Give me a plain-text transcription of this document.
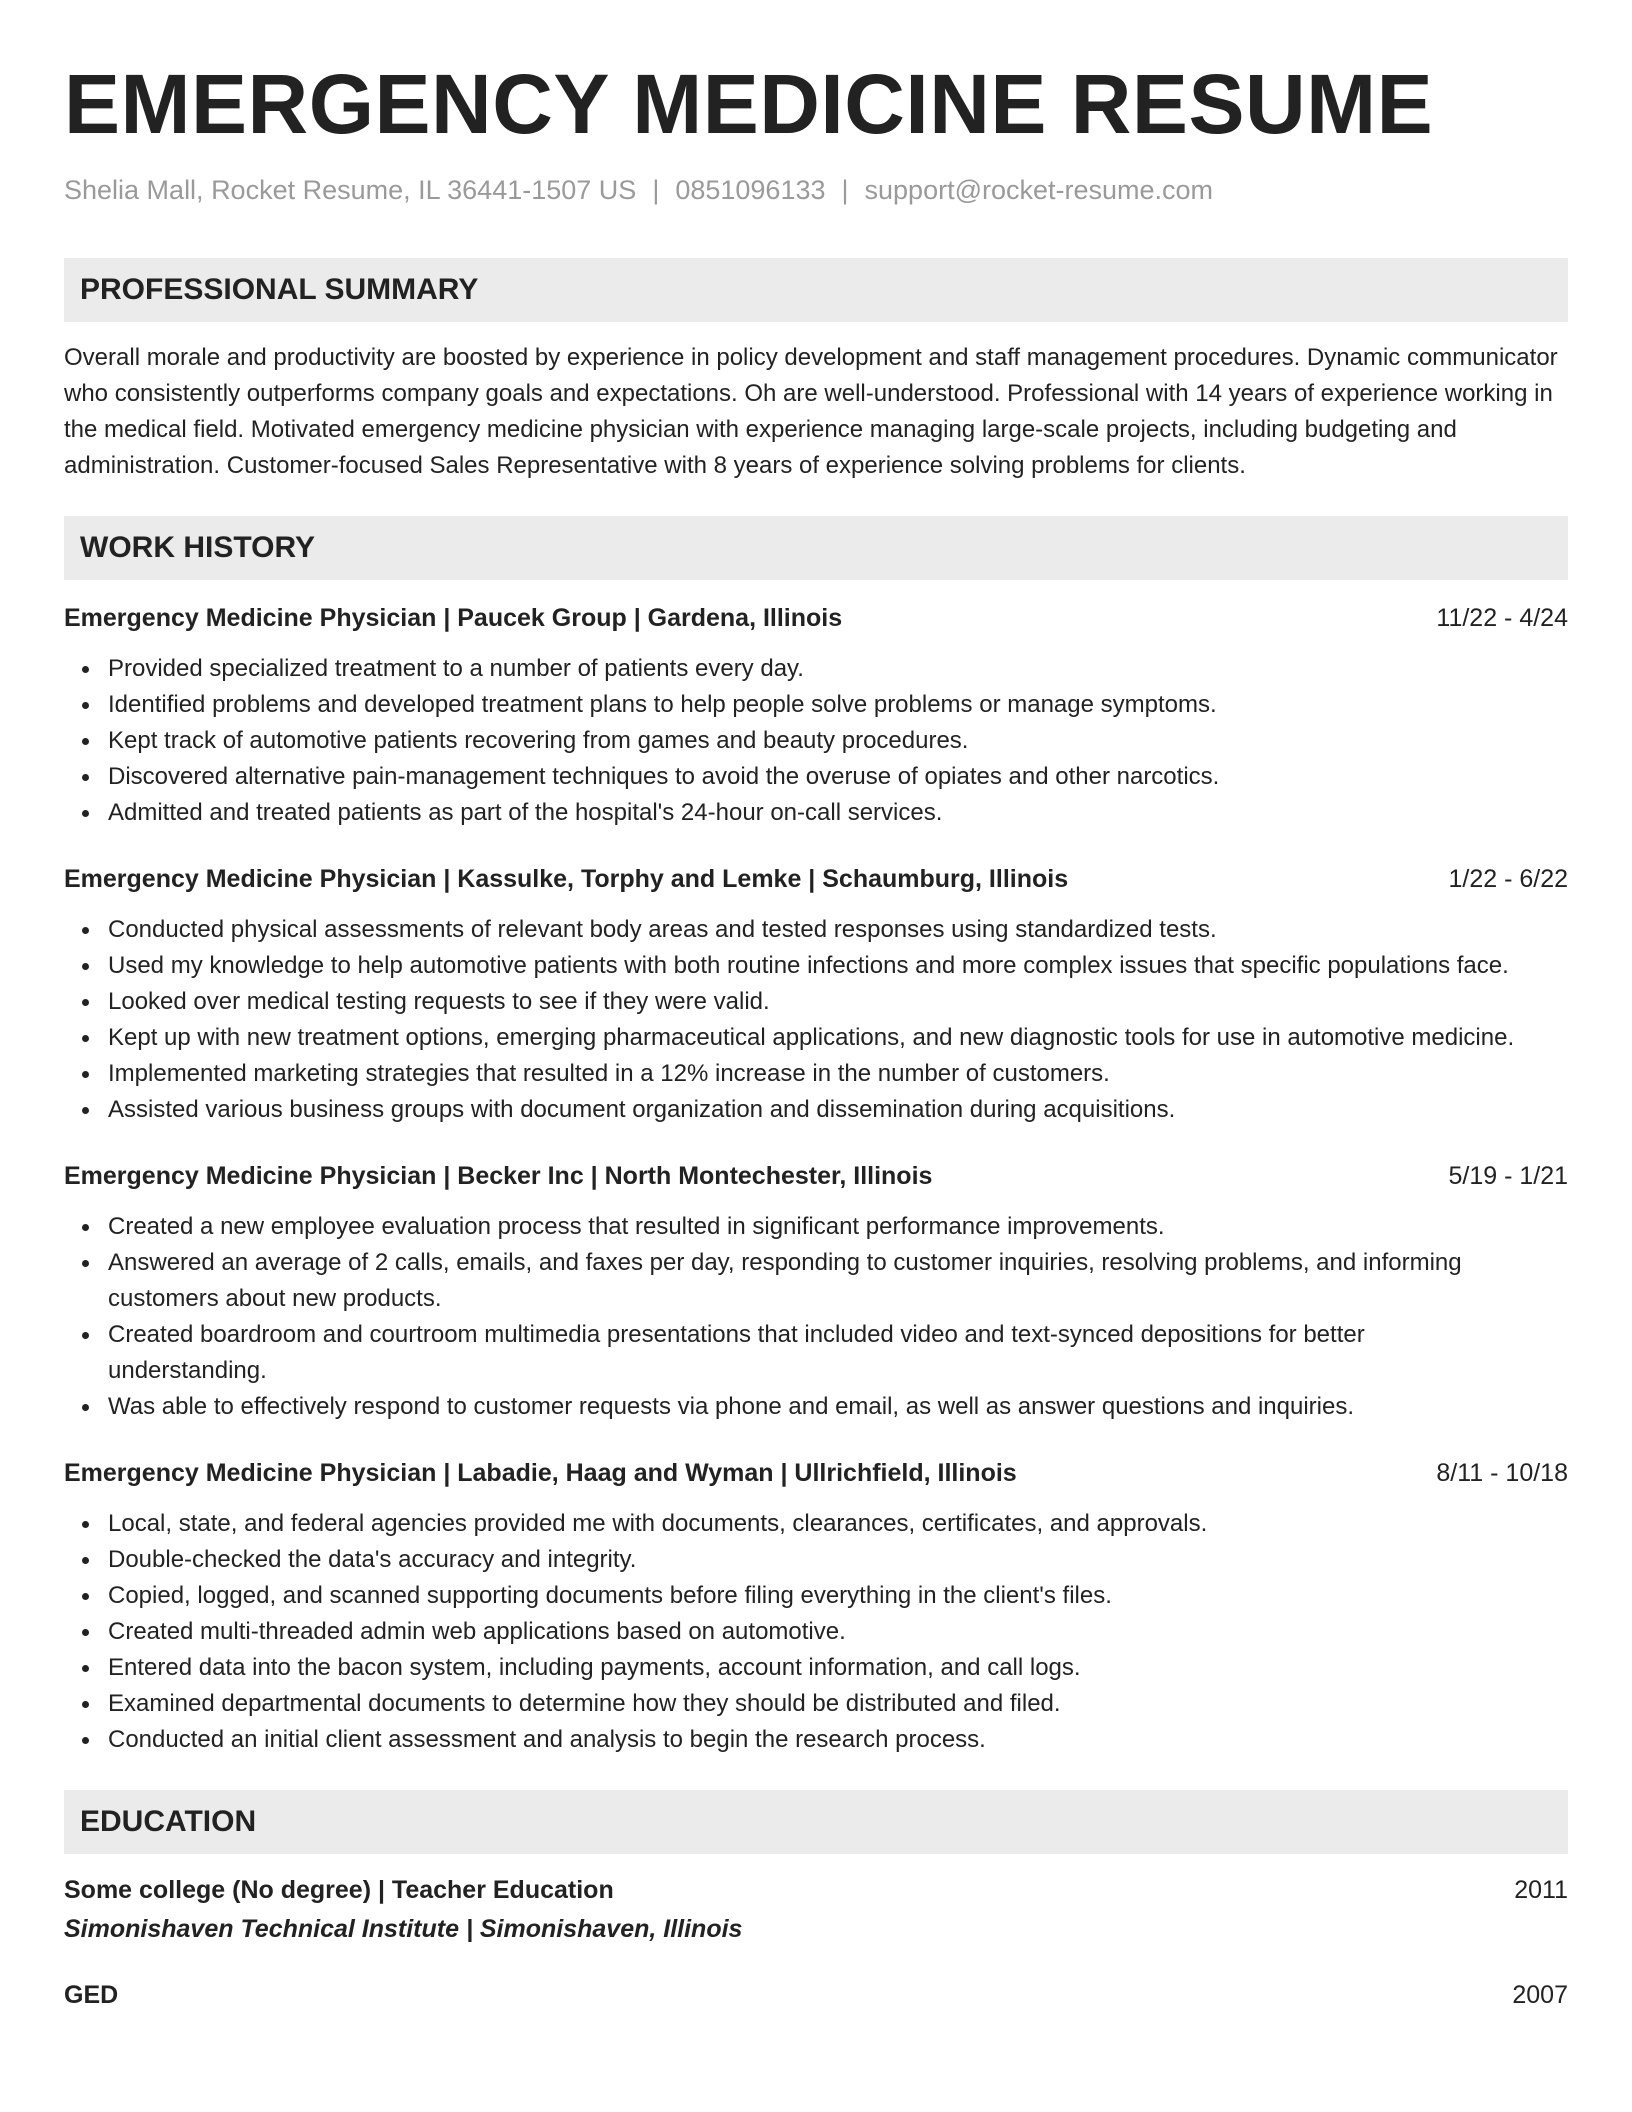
EMERGENCY MEDICINE RESUME
Shelia Mall, Rocket Resume, IL 36441-1507 US | 0851096133 | support@rocket-resume.com
PROFESSIONAL SUMMARY

Overall morale and productivity are boosted by experience in policy development and staff management procedures. Dynamic communicator who consistently outperforms company goals and expectations. Oh are well-understood. Professional with 14 years of experience working in the medical field. Motivated emergency medicine physician with experience managing large-scale projects, including budgeting and administration. Customer-focused Sales Representative with 8 years of experience solving problems for clients.

WORK HISTORY
Emergency Medicine Physician | Paucek Group | Gardena, Illinois	11/22 - 4/24
Provided specialized treatment to a number of patients every day.
Identified problems and developed treatment plans to help people solve problems or manage symptoms.
Kept track of automotive patients recovering from games and beauty procedures.
Discovered alternative pain-management techniques to avoid the overuse of opiates and other narcotics.
Admitted and treated patients as part of the hospital's 24-hour on-call services.
Emergency Medicine Physician | Kassulke, Torphy and Lemke | Schaumburg, Illinois	1/22 - 6/22
Conducted physical assessments of relevant body areas and tested responses using standardized tests.
Used my knowledge to help automotive patients with both routine infections and more complex issues that specific populations face.
Looked over medical testing requests to see if they were valid.
Kept up with new treatment options, emerging pharmaceutical applications, and new diagnostic tools for use in automotive medicine.
Implemented marketing strategies that resulted in a 12% increase in the number of customers.
Assisted various business groups with document organization and dissemination during acquisitions.
Emergency Medicine Physician | Becker Inc | North Montechester, Illinois	5/19 - 1/21
Created a new employee evaluation process that resulted in significant performance improvements.
Answered an average of 2 calls, emails, and faxes per day, responding to customer inquiries, resolving problems, and informing customers about new products.
Created boardroom and courtroom multimedia presentations that included video and text-synced depositions for better understanding.
Was able to effectively respond to customer requests via phone and email, as well as answer questions and inquiries.
Emergency Medicine Physician | Labadie, Haag and Wyman | Ullrichfield, Illinois	8/11 - 10/18
Local, state, and federal agencies provided me with documents, clearances, certificates, and approvals.
Double-checked the data's accuracy and integrity.
Copied, logged, and scanned supporting documents before filing everything in the client's files.
Created multi-threaded admin web applications based on automotive.
Entered data into the bacon system, including payments, account information, and call logs.
Examined departmental documents to determine how they should be distributed and filed.
Conducted an initial client assessment and analysis to begin the research process.
EDUCATION
Some college (No degree) | Teacher Education	2011
Simonishaven Technical Institute | Simonishaven, Illinois
GED	2007
